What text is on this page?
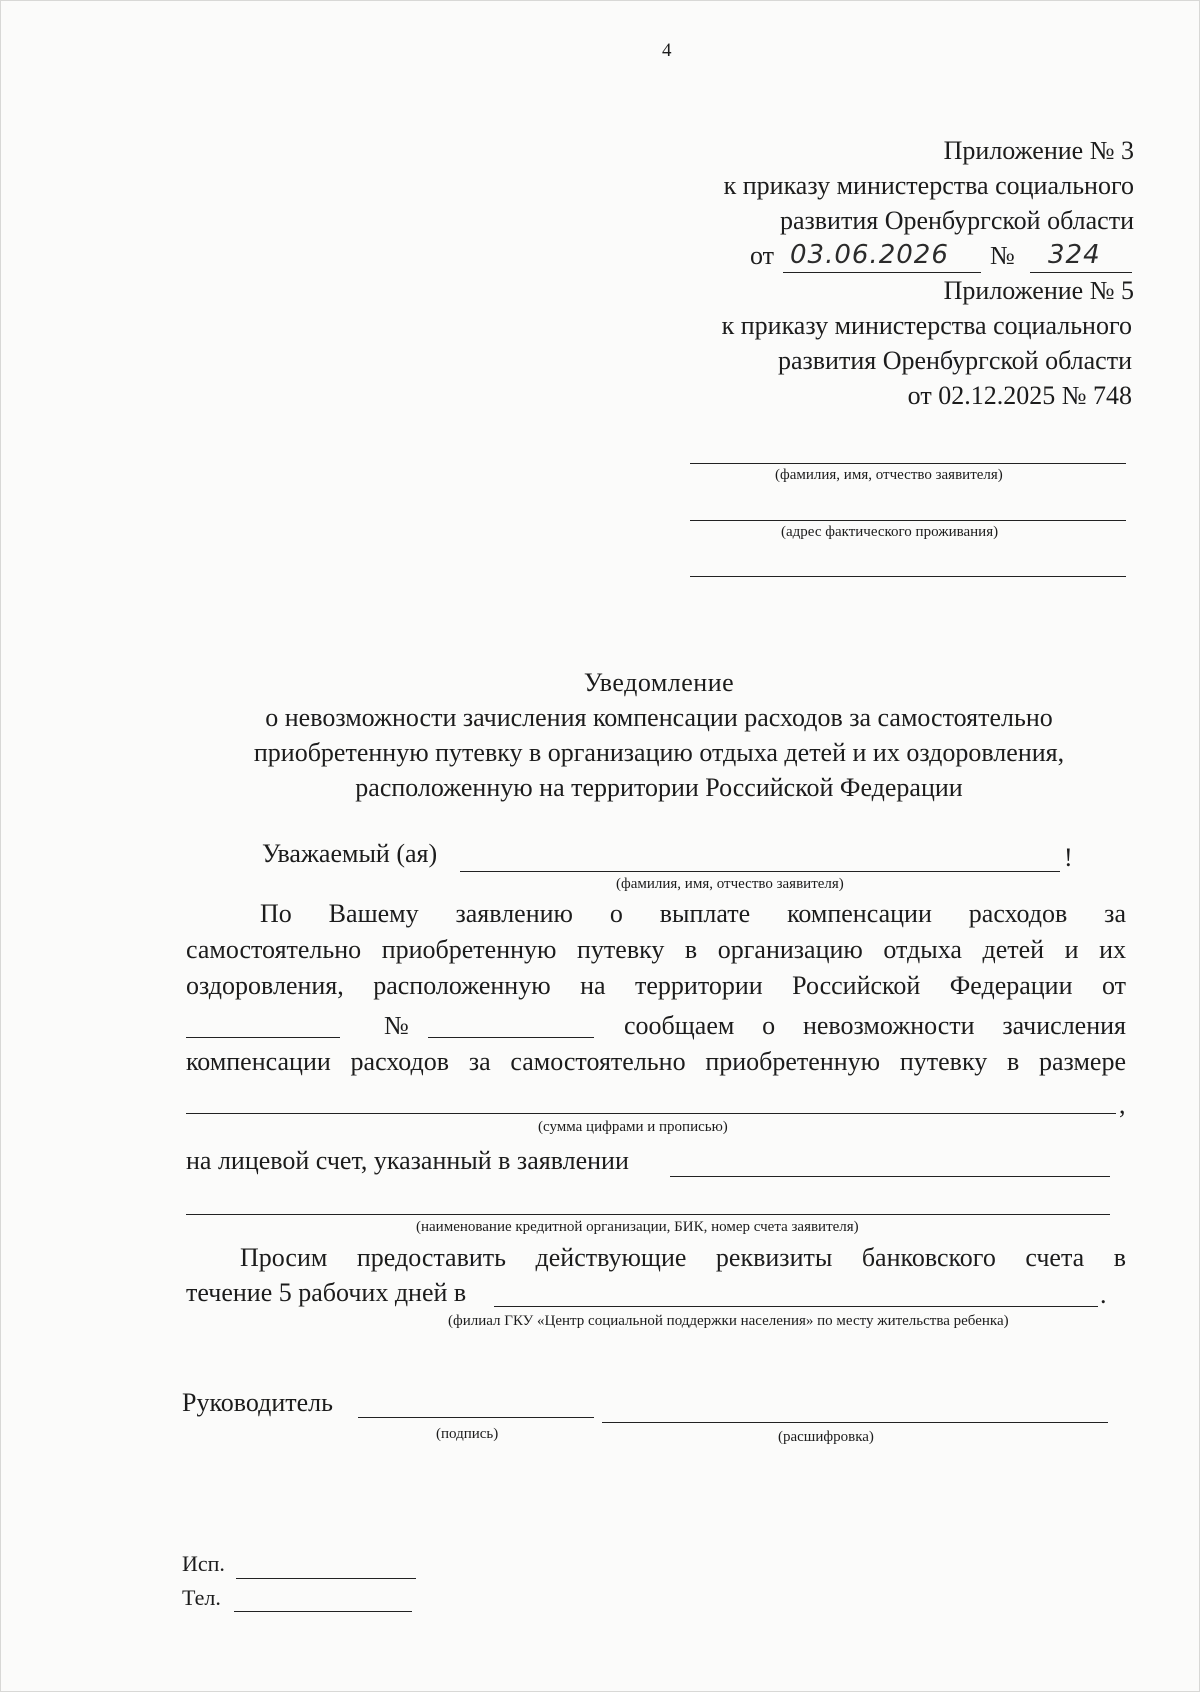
4
Приложение № 3
к приказу министерства социального
развития Оренбургской области
от 03.06.2026 № 324
Приложение № 5
к приказу министерства социального
развития Оренбургской области
от 02.12.2025 № 748
(фамилия, имя, отчество заявителя)
(адрес фактического проживания)
Уведомление
о невозможности зачисления компенсации расходов за самостоятельно
приобретенную путевку в организацию отдыха детей и их оздоровления,
расположенную на территории Российской Федерации
Уважаемый (ая)	!
(фамилия, имя, отчество заявителя)
По Вашему заявлению о выплате компенсации расходов за
самостоятельно приобретенную путевку в организацию отдыха детей и их
оздоровления, расположенную на территории Российской Федерации от
№	сообщаем о невозможности зачисления
компенсации расходов за самостоятельно приобретенную путевку в размере
,
(сумма цифрами и прописью)
на лицевой счет, указанный в заявлении
(наименование кредитной организации, БИК, номер счета заявителя)
Просим предоставить действующие реквизиты банковского счета в
течение 5 рабочих дней в	.
(филиал ГКУ «Центр социальной поддержки населения» по месту жительства ребенка)
Руководитель
(подпись)	(расшифровка)
Исп.
Тел.
